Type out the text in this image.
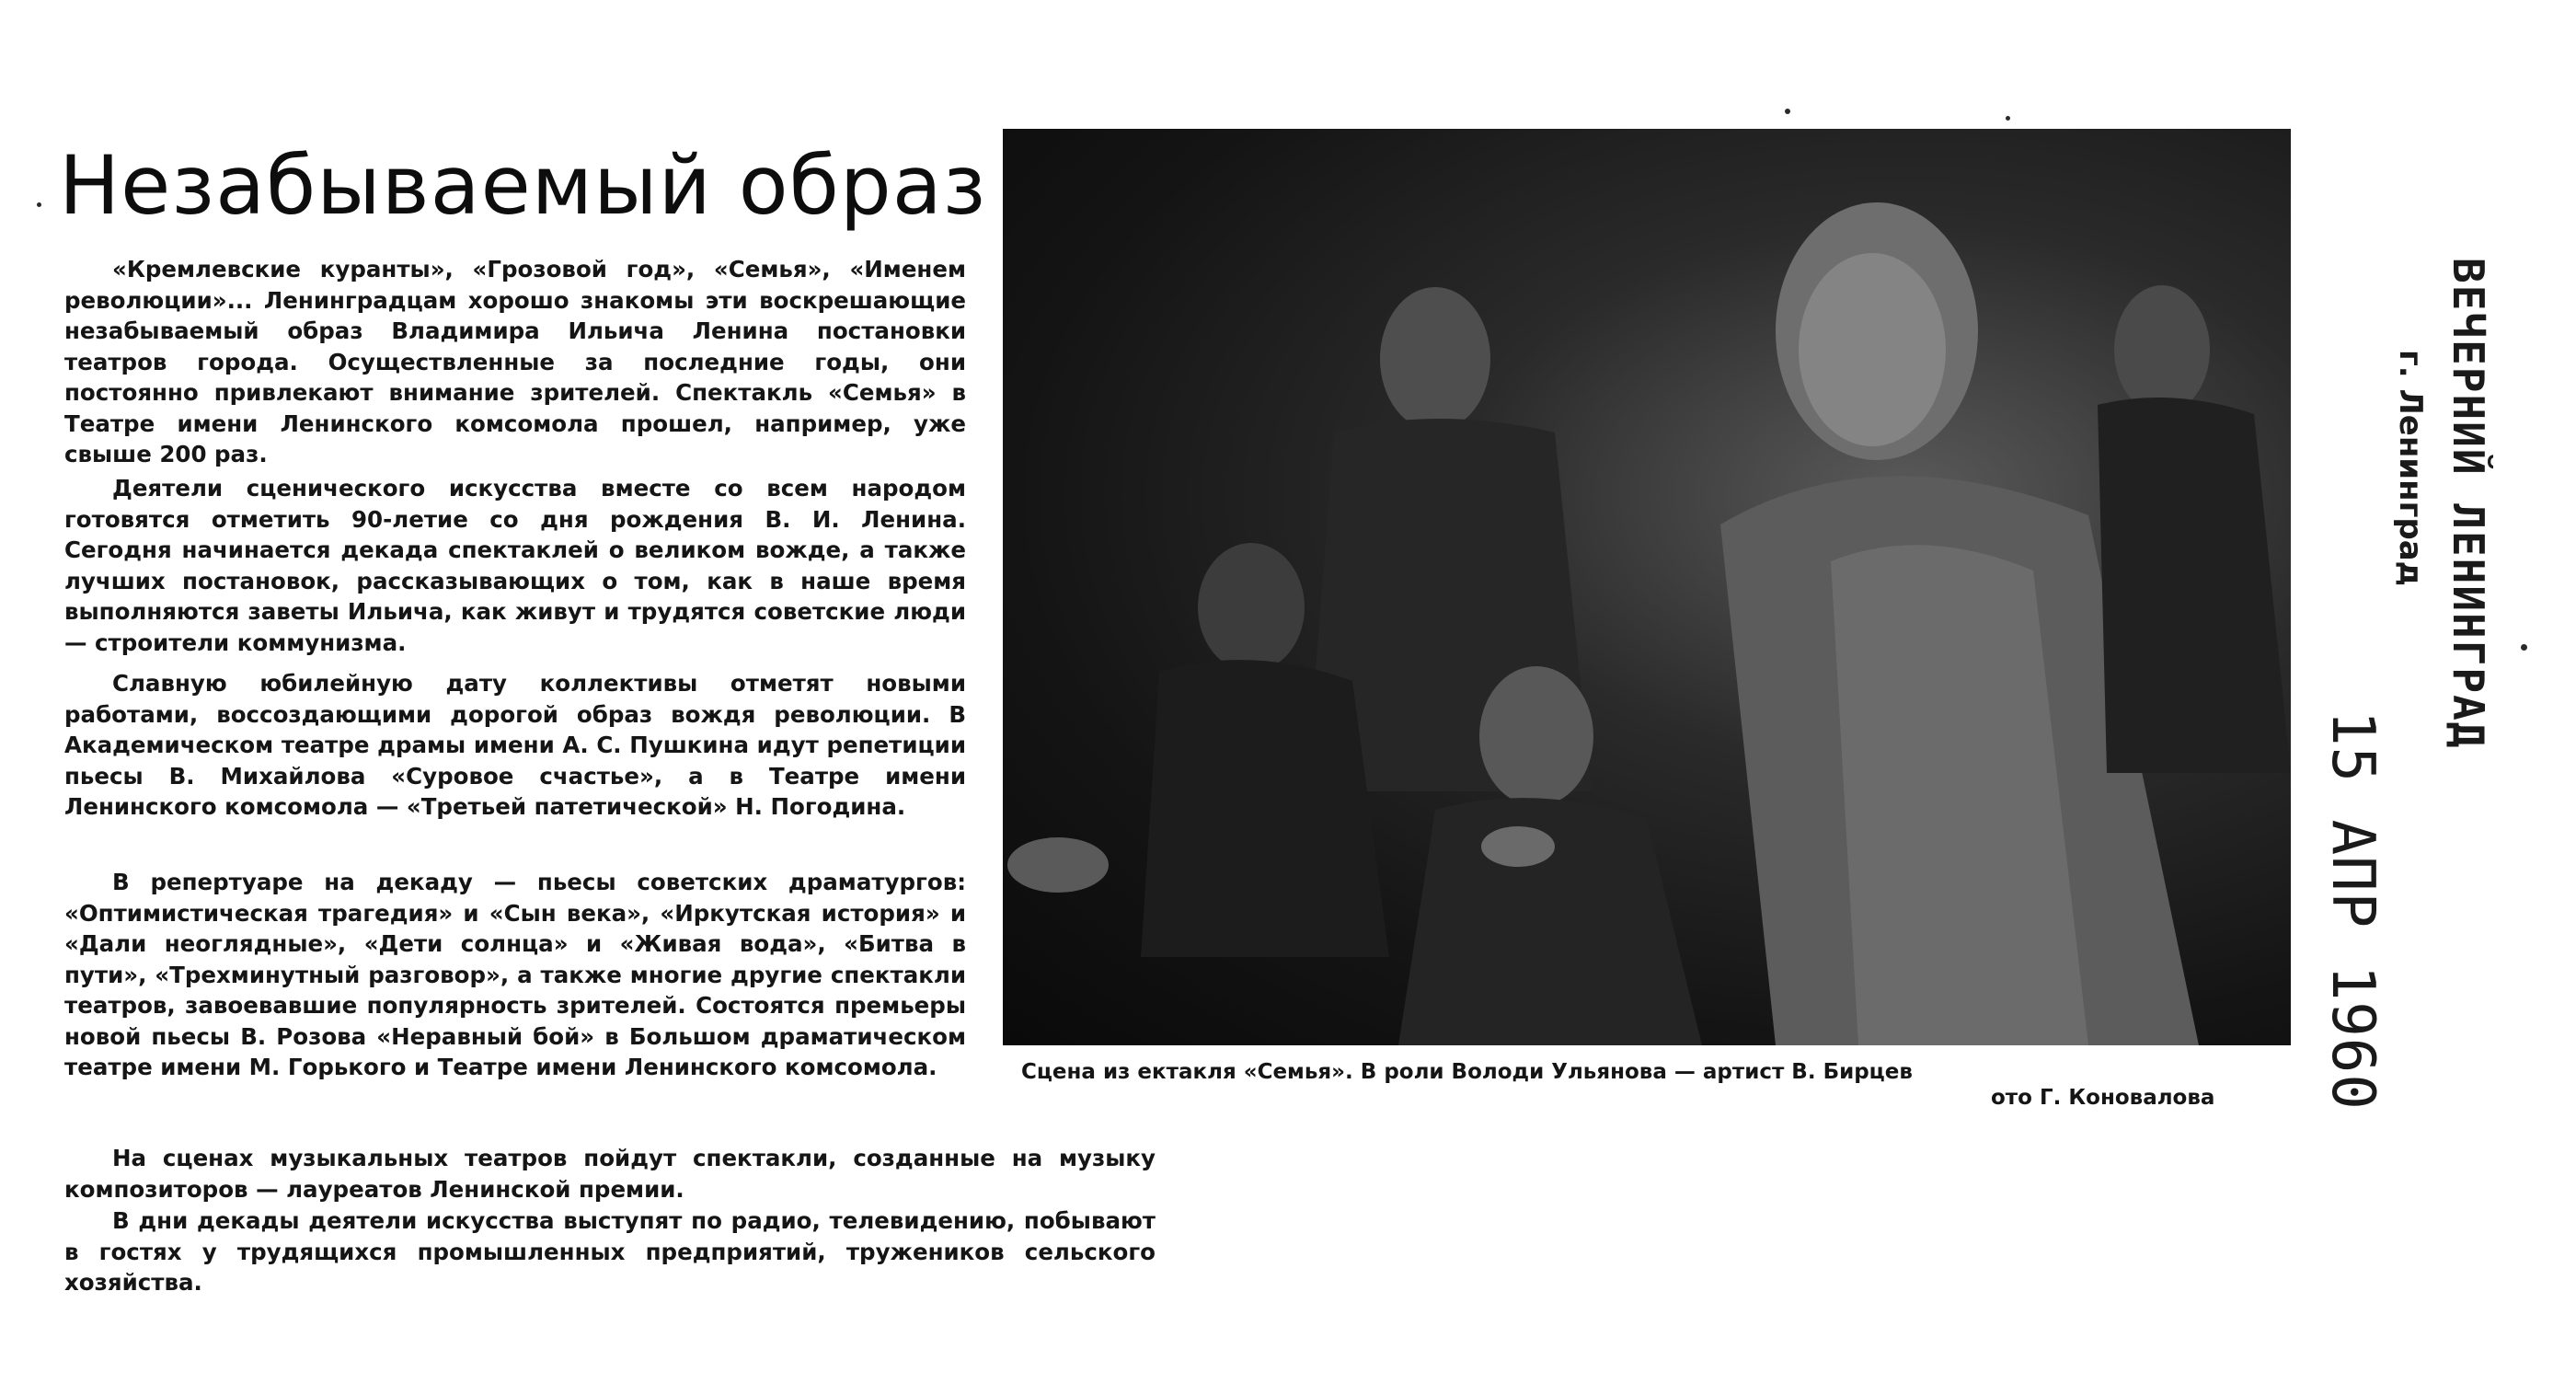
Незабываемый образ

«Кремлевские куранты», «Грозовой год», «Семья», «Именем революции»... Ленинградцам хорошо знакомы эти воскрешающие незабываемый образ Владимира Ильича Ленина постановки театров города. Осуществленные за последние годы, они постоянно привлекают внимание зрителей. Спектакль «Семья» в Театре имени Ленинского комсомола прошел, например, уже свыше 200 раз.

Деятели сценического искусства вместе со всем народом готовятся отметить 90-летие со дня рождения В. И. Ленина. Сегодня начинается декада спектаклей о великом вожде, а также лучших постановок, рассказывающих о том, как в наше время выполняются заветы Ильича, как живут и трудятся советские люди — строители коммунизма.

Славную юбилейную дату коллективы отметят новыми работами, воссоздающими дорогой образ вождя революции. В Академическом театре драмы имени А. С. Пушкина идут репетиции пьесы В. Михайлова «Суровое счастье», а в Театре имени Ленинского комсомола — «Третьей патетической» Н. Погодина.

В репертуаре на декаду — пьесы советских драматургов: «Оптимистическая трагедия» и «Сын века», «Иркутская история» и «Дали неоглядные», «Дети солнца» и «Живая вода», «Битва в пути», «Трехминутный разговор», а также многие другие спектакли театров, завоевавшие популярность зрителей. Состоятся премьеры новой пьесы В. Розова «Неравный бой» в Большом драматическом театре имени М. Горького и Театре имени Ленинского комсомола.

На сценах музыкальных театров пойдут спектакли, созданные на музыку композиторов — лауреатов Ленинской премии.

В дни декады деятели искусства выступят по радио, телевидению, побывают в гостях у трудящихся промышленных предприятий, тружеников сельского хозяйства.

Сцена из ектакля «Семья». В роли Володи Ульянова — артист В. Бирцев

ото Г. Коновалова

ВЕЧЕРНИЙ ЛЕНИНГРАД
г. Ленинград
15 АПР 1960
